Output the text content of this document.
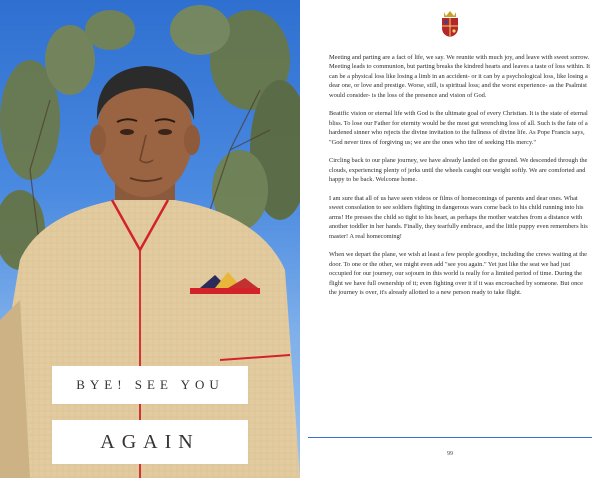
BYE! SEE YOU
AGAIN

Meeting and parting are a fact of life, we say. We reunite with much joy, and leave with sweet sorrow. Meeting leads to communion, but parting breaks the kindred hearts and leaves a taste of loss within. It can be a physical loss like losing a limb in an accident- or it can by a psychological loss, like losing a dear one, or love and prestige. Worse, still, is spiritual loss; and the worst experience- as the Psalmist would consider- is the loss of the presence and vision of God.

Beatific vision or eternal life with God is the ultimate goal of every Christian. It is the state of eternal bliss. To lose our Father for eternity would be the most gut wrenching loss of all. Such is the fate of a hardened sinner who rejects the divine invitation to the fullness of divine life. As Pope Francis says, "God never tires of forgiving us; we are the ones who tire of seeking His mercy."

Circling back to our plane journey, we have already landed on the ground. We descended through the clouds, experiencing plenty of jerks until the wheels caught our weight softly. We are comforted and happy to be back. Welcome home.

I am sure that all of us have seen videos or films of homecomings of parents and dear ones. What sweet consolation to see soldiers fighting in dangerous wars come back to his child running into his arms! He presses the child so tight to his heart, as perhaps the mother watches from a distance with another toddler in her hands. Finally, they tearfully embrace, and the little puppy even remembers his master! A real homecoming!

When we depart the plane, we wish at least a few people goodbye, including the crews waiting at the door. To one or the other, we might even add "see you again." Yet just like the seat we had just occupied for our journey, our sojourn in this world is really for a limited period of time. During the flight we have full ownership of it; even fighting over it if it was encroached by someone. But once the journey is over, it's already allotted to a new person ready to take flight.

99
